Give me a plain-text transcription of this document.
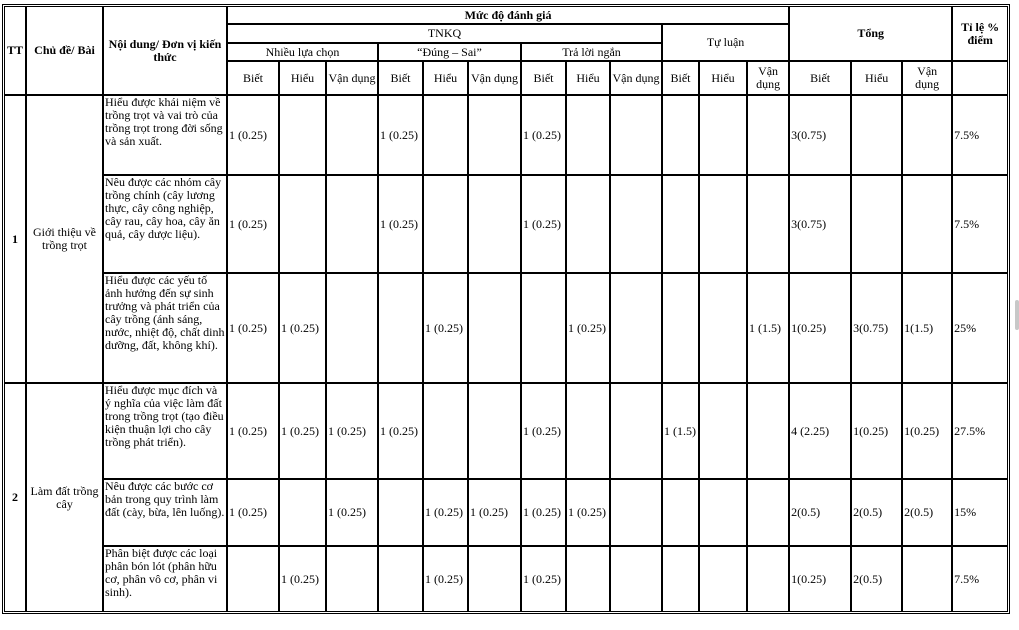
TT	Chủ đề/ Bài	Nội dung/ Đơn vị kiến thức	Mức độ đánh giá												Tổng			Tỉ lệ % điểm
			TNKQ									Tự luận						
			Nhiều lựa chọn			“Đúng – Sai”			Trả lời ngắn									
			Biết	Hiểu	Vận dụng	Biết	Hiểu	Vận dụng	Biết	Hiểu	Vận dụng	Biết	Hiểu	Vận dụng	Biết	Hiểu	Vận dụng	
1	Giới thiệu về trồng trọt	Hiểu được khái niệm về trồng trọt và vai trò của trồng trọt trong đời sống và sản xuất.	1 (0.25)			1 (0.25)			1 (0.25)						3(0.75)			7.5%
		Nêu được các nhóm cây trồng chính (cây lương thực, cây công nghiệp, cây rau, cây hoa, cây ăn quả, cây dược liệu).	1 (0.25)			1 (0.25)			1 (0.25)						3(0.75)			7.5%
		Hiểu được các yếu tố ảnh hưởng đến sự sinh trưởng và phát triển của cây trồng (ánh sáng, nước, nhiệt độ, chất dinh dưỡng, đất, không khí).	1 (0.25)	1 (0.25)			1 (0.25)			1 (0.25)				1 (1.5)	1(0.25)	3(0.75)	1(1.5)	25%
2	Làm đất trồng cây	Hiểu được mục đích và ý nghĩa của việc làm đất trong trồng trọt (tạo điều kiện thuận lợi cho cây trồng phát triển).	1 (0.25)	1 (0.25)	1 (0.25)	1 (0.25)			1 (0.25)			1 (1.5)			4 (2.25)	1(0.25)	1(0.25)	27.5%
		Nêu được các bước cơ bản trong quy trình làm đất (cày, bừa, lên luống).	1 (0.25)		1 (0.25)		1 (0.25)	1 (0.25)	1 (0.25)	1 (0.25)					2(0.5)	2(0.5)	2(0.5)	15%
		Phân biệt được các loại phân bón lót (phân hữu cơ, phân vô cơ, phân vi sinh).		1 (0.25)			1 (0.25)		1 (0.25)						1(0.25)	2(0.5)		7.5%
